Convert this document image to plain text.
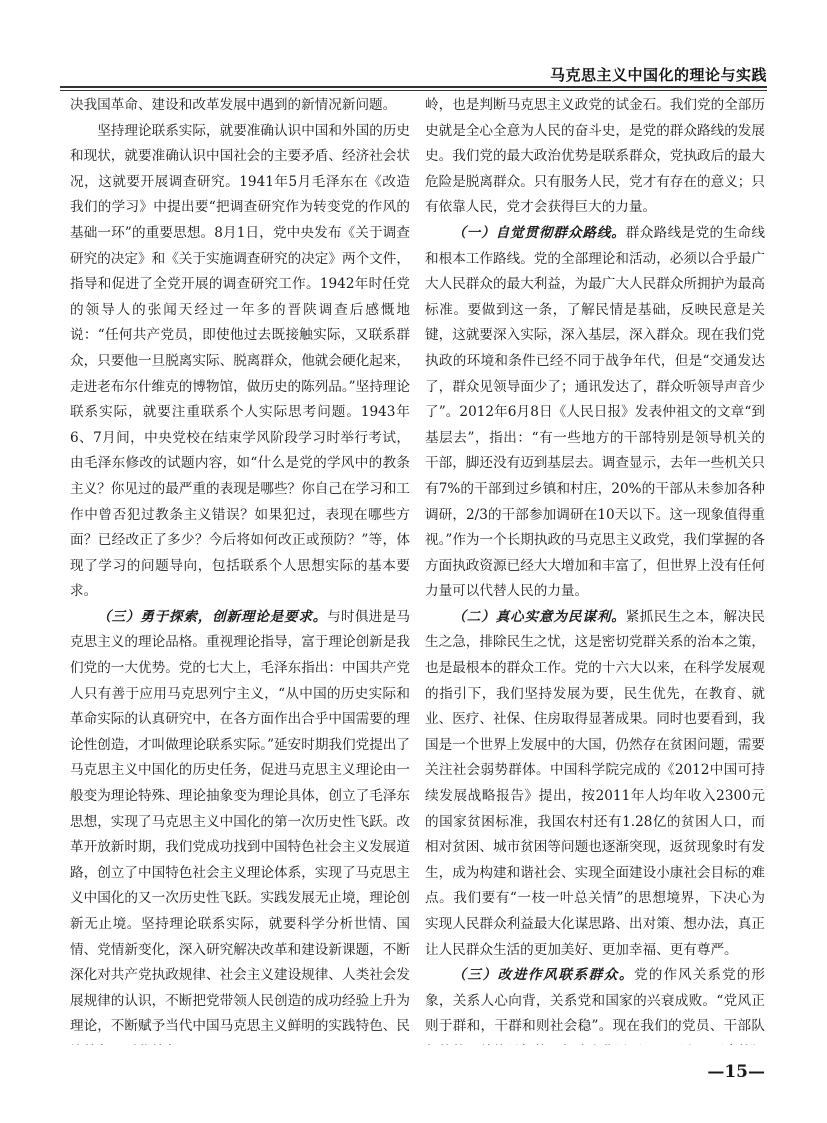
马克思主义中国化的理论与实践

决我国革命、建设和改革发展中遇到的新情况新问题。

坚持理论联系实际，就要准确认识中国和外国的历史和现状，就要准确认识中国社会的主要矛盾、经济社会状况，这就要开展调查研究。1941年5月毛泽东在《改造我们的学习》中提出要“把调查研究作为转变党的作风的基础一环”的重要思想。8月1日，党中央发布《关于调查研究的决定》和《关于实施调查研究的决定》两个文件，指导和促进了全党开展的调查研究工作。1942年时任党的领导人的张闻天经过一年多的晋陕调查后感慨地说：“任何共产党员，即使他过去既接触实际，又联系群众，只要他一旦脱离实际、脱离群众，他就会硬化起来，走进老布尔什维克的博物馆，做历史的陈列品。”坚持理论联系实际，就要注重联系个人实际思考问题。1943年6、7月间，中央党校在结束学风阶段学习时举行考试，由毛泽东修改的试题内容，如“什么是党的学风中的教条主义？你见过的最严重的表现是哪些？你自己在学习和工作中曾否犯过教条主义错误？如果犯过，表现在哪些方面？已经改正了多少？今后将如何改正或预防？”等，体现了学习的问题导向，包括联系个人思想实际的基本要求。

（三）勇于探索，创新理论是要求。与时俱进是马克思主义的理论品格。重视理论指导，富于理论创新是我们党的一大优势。党的七大上，毛泽东指出：中国共产党人只有善于应用马克思列宁主义，“从中国的历史实际和革命实际的认真研究中，在各方面作出合乎中国需要的理论性创造，才叫做理论联系实际。”延安时期我们党提出了马克思主义中国化的历史任务，促进马克思主义理论由一般变为理论特殊、理论抽象变为理论具体，创立了毛泽东思想，实现了马克思主义中国化的第一次历史性飞跃。改革开放新时期，我们党成功找到中国特色社会主义发展道路，创立了中国特色社会主义理论体系，实现了马克思主义中国化的又一次历史性飞跃。实践发展无止境，理论创新无止境。坚持理论联系实际，就要科学分析世情、国情、党情新变化，深入研究解决改革和建设新课题，不断深化对共产党执政规律、社会主义建设规律、人类社会发展规律的认识，不断把党带领人民创造的成功经验上升为理论，不断赋予当代中国马克思主义鲜明的实践特色、民

岭，也是判断马克思主义政党的试金石。我们党的全部历史就是全心全意为人民的奋斗史，是党的群众路线的发展史。我们党的最大政治优势是联系群众，党执政后的最大危险是脱离群众。只有服务人民，党才有存在的意义；只有依靠人民，党才会获得巨大的力量。

（一）自觉贯彻群众路线。群众路线是党的生命线和根本工作路线。党的全部理论和活动，必须以合乎最广大人民群众的最大利益，为最广大人民群众所拥护为最高标准。要做到这一条，了解民情是基础，反映民意是关键，这就要深入实际，深入基层，深入群众。现在我们党执政的环境和条件已经不同于战争年代，但是“交通发达了，群众见领导面少了；通讯发达了，群众听领导声音少了”。2012年6月8日《人民日报》发表仲祖文的文章“到基层去”，指出：“有一些地方的干部特别是领导机关的干部，脚还没有迈到基层去。调查显示，去年一些机关只有7%的干部到过乡镇和村庄，20%的干部从未参加各种调研，2/3的干部参加调研在10天以下。这一现象值得重视。”作为一个长期执政的马克思主义政党，我们掌握的各方面执政资源已经大大增加和丰富了，但世界上没有任何力量可以代替人民的力量。

（二）真心实意为民谋利。紧抓民生之本，解决民生之急，排除民生之忧，这是密切党群关系的治本之策，也是最根本的群众工作。党的十六大以来，在科学发展观的指引下，我们坚持发展为要，民生优先，在教育、就业、医疗、社保、住房取得显著成果。同时也要看到，我国是一个世界上发展中的大国，仍然存在贫困问题，需要关注社会弱势群体。中国科学院完成的《2012中国可持续发展战略报告》提出，按2011年人均年收入2300元的国家贫困标准，我国农村还有1.28亿的贫困人口，而相对贫困、城市贫困等问题也逐渐突现，返贫现象时有发生，成为构建和谐社会、实现全面建设小康社会目标的难点。我们要有“一枝一叶总关情”的思想境界，下决心为实现人民群众利益最大化谋思路、出对策、想办法，真正让人民群众生活的更加美好、更加幸福、更有尊严。

（三）改进作风联系群众。党的作风关系党的形象，关系人心向背，关系党和国家的兴衰成败。“党风正则于群和，干群和则社会稳”。现在我们的党员、干部队

—15—
